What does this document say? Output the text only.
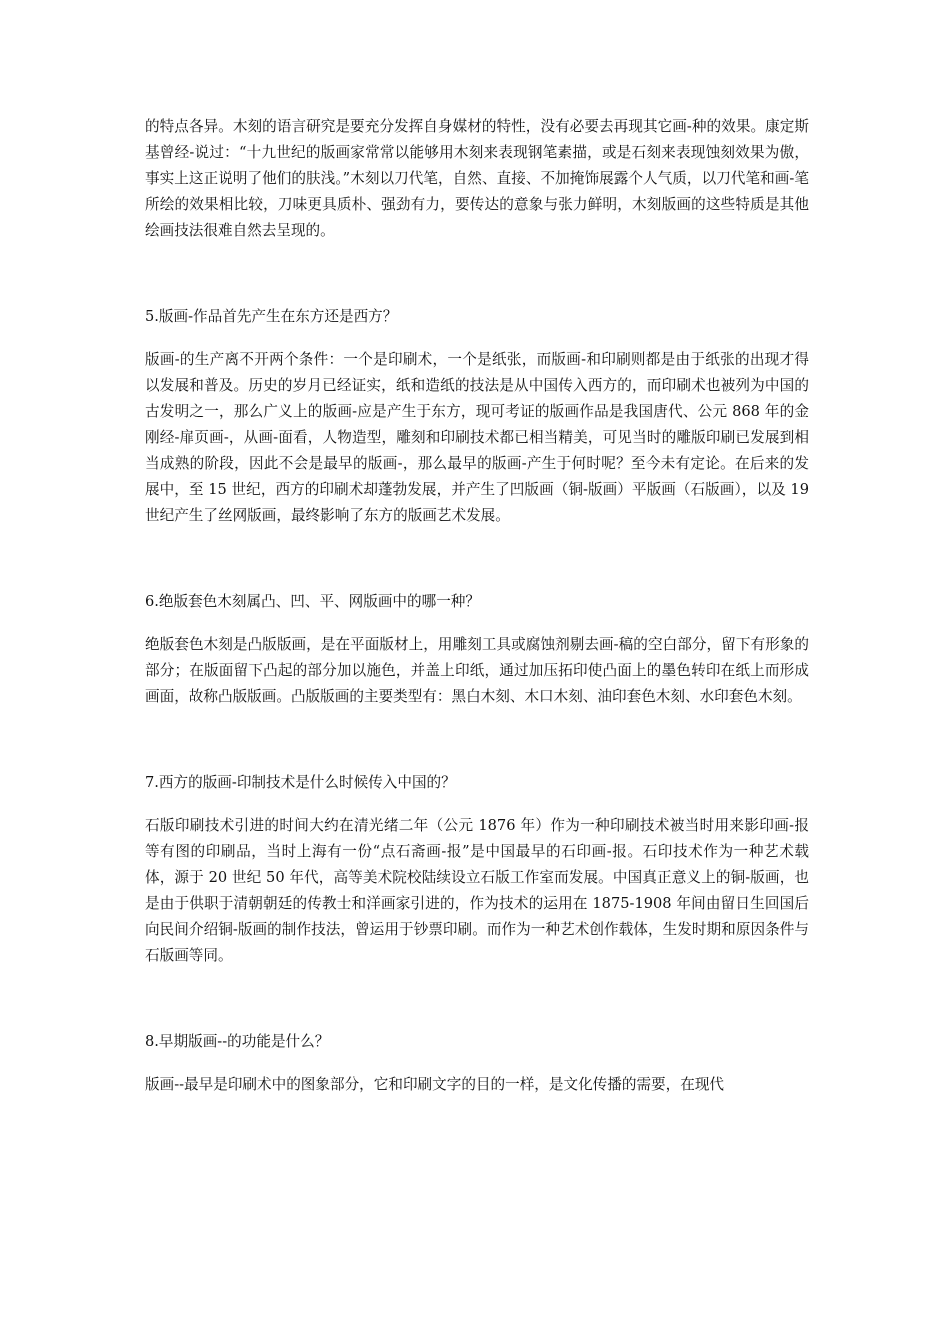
的特点各异。木刻的语言研究是要充分发挥自身媒材的特性，没有必要去再现其它画-种的效果。康定斯基曾经-说过：“十九世纪的版画家常常以能够用木刻来表现钢笔素描，或是石刻来表现蚀刻效果为傲，事实上这正说明了他们的肤浅。”木刻以刀代笔，自然、直接、不加掩饰展露个人气质，以刀代笔和画-笔所绘的效果相比较，刀味更具质朴、强劲有力，要传达的意象与张力鲜明，木刻版画的这些特质是其他绘画技法很难自然去呈现的。

5.版画-作品首先产生在东方还是西方？

版画-的生产离不开两个条件：一个是印刷术，一个是纸张，而版画-和印刷则都是由于纸张的出现才得以发展和普及。历史的岁月已经证实，纸和造纸的技法是从中国传入西方的，而印刷术也被列为中国的古发明之一，那么广义上的版画-应是产生于东方，现可考证的版画作品是我国唐代、公元 868 年的金刚经-扉页画-，从画-面看，人物造型，雕刻和印刷技术都已相当精美，可见当时的雕版印刷已发展到相当成熟的阶段，因此不会是最早的版画-，那么最早的版画-产生于何时呢？至今未有定论。在后来的发展中，至 15 世纪，西方的印刷术却蓬勃发展，并产生了凹版画（铜-版画）平版画（石版画），以及 19 世纪产生了丝网版画，最终影响了东方的版画艺术发展。

6.绝版套色木刻属凸、凹、平、网版画中的哪一种？

绝版套色木刻是凸版版画，是在平面版材上，用雕刻工具或腐蚀剂剔去画-稿的空白部分，留下有形象的部分；在版面留下凸起的部分加以施色，并盖上印纸，通过加压拓印使凸面上的墨色转印在纸上而形成画面，故称凸版版画。凸版版画的主要类型有：黑白木刻、木口木刻、油印套色木刻、水印套色木刻。

7.西方的版画-印制技术是什么时候传入中国的？

石版印刷技术引进的时间大约在清光绪二年（公元 1876 年）作为一种印刷技术被当时用来影印画-报等有图的印刷品，当时上海有一份“点石斋画-报”是中国最早的石印画-报。石印技术作为一种艺术载体，源于 20 世纪 50 年代，高等美术院校陆续设立石版工作室而发展。中国真正意义上的铜-版画，也是由于供职于清朝朝廷的传教士和洋画家引进的，作为技术的运用在 1875-1908 年间由留日生回国后向民间介绍铜-版画的制作技法，曾运用于钞票印刷。而作为一种艺术创作载体，生发时期和原因条件与石版画等同。

8.早期版画--的功能是什么？

版画--最早是印刷术中的图象部分，它和印刷文字的目的一样，是文化传播的需要，在现代
